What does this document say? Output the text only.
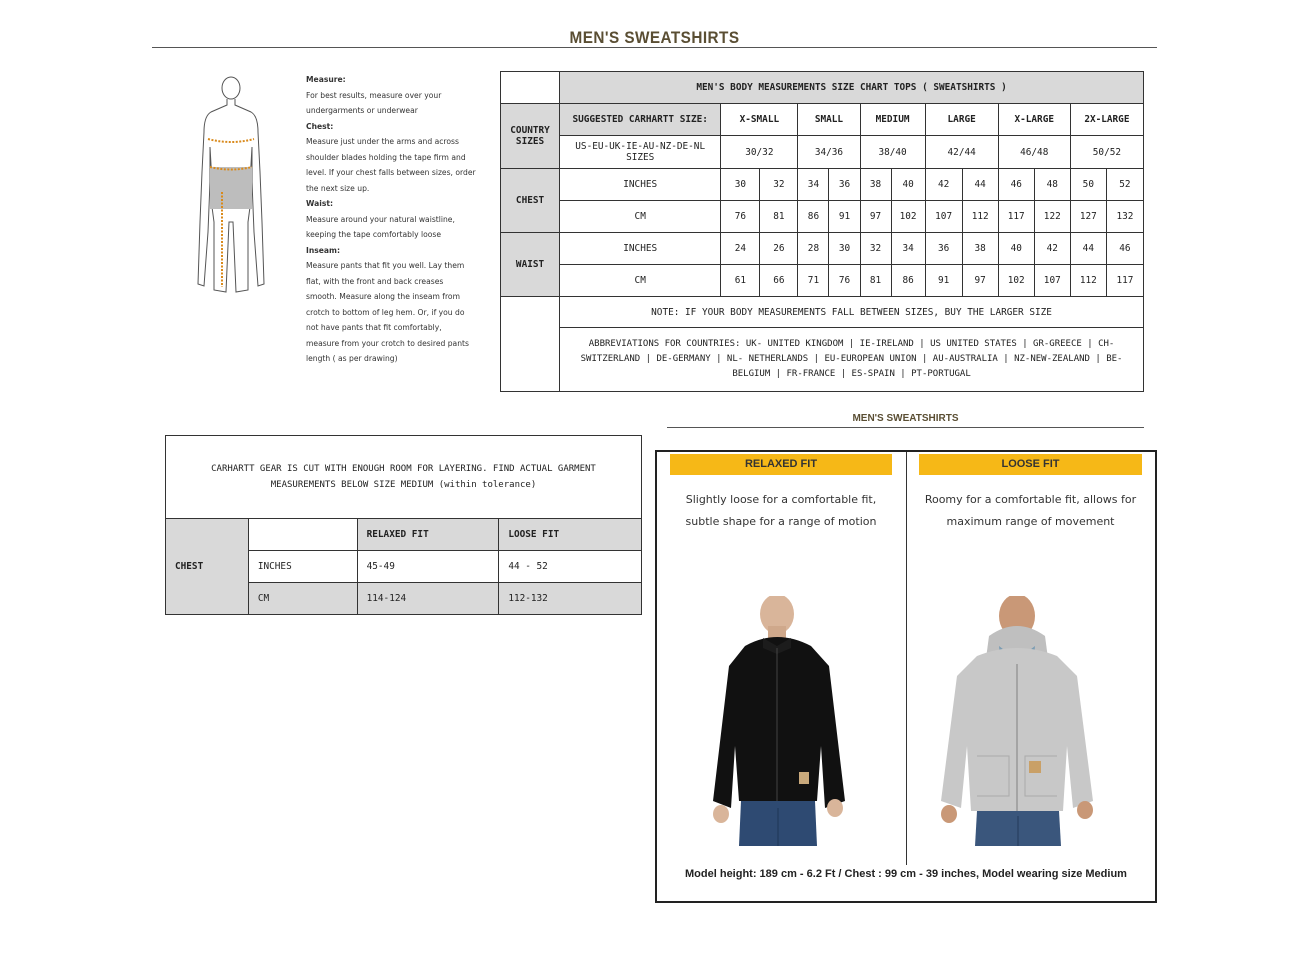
MEN'S SWEATSHIRTS
Measure:
For best results, measure over your undergarments or underwear
Chest:
Measure just under the arms and across shoulder blades holding the tape firm and level. If your chest falls between sizes, order the next size up.
Waist:
Measure around your natural waistline, keeping the tape comfortably loose
Inseam:
Measure pants that fit you well. Lay them flat, with the front and back creases smooth. Measure along the inseam from crotch to bottom of leg hem. Or, if you do not have pants that fit comfortably, measure from your crotch to desired pants length ( as per drawing)
	MEN'S BODY MEASUREMENTS SIZE CHART TOPS ( SWEATSHIRTS )												
COUNTRY SIZES	SUGGESTED CARHARTT SIZE:	X-SMALL		SMALL		MEDIUM		LARGE		X-LARGE		2X-LARGE	
	US-EU-UK-IE-AU-NZ-DE-NL SIZES	30/32		34/36		38/40		42/44		46/48		50/52	
CHEST	INCHES	30	32	34	36	38	40	42	44	46	48	50	52
	CM	76	81	86	91	97	102	107	112	117	122	127	132
WAIST	INCHES	24	26	28	30	32	34	36	38	40	42	44	46
	CM	61	66	71	76	81	86	91	97	102	107	112	117
	NOTE: IF YOUR BODY MEASUREMENTS FALL BETWEEN SIZES, BUY THE LARGER SIZE												
	ABBREVIATIONS FOR COUNTRIES: UK- UNITED KINGDOM | IE-IRELAND | US UNITED STATES | GR-GREECE | CH- SWITZERLAND | DE-GERMANY | NL- NETHERLANDS | EU-EUROPEAN UNION | AU-AUSTRALIA | NZ-NEW-ZEALAND | BE-BELGIUM | FR-FRANCE | ES-SPAIN | PT-PORTUGAL												
CARHARTT GEAR IS CUT WITH ENOUGH ROOM FOR LAYERING. FIND ACTUAL GARMENT MEASUREMENTS BELOW SIZE MEDIUM (within tolerance)
CHEST		RELAXED FIT	LOOSE FIT
	INCHES	45-49	44 - 52
	CM	114-124	112-132
MEN'S SWEATSHIRTS
RELAXED FIT
Slightly loose for a comfortable fit, subtle shape for a range of motion
LOOSE FIT
Roomy for a comfortable fit, allows for maximum range of movement
Model height: 189 cm - 6.2 Ft / Chest : 99 cm - 39 inches, Model wearing size Medium
